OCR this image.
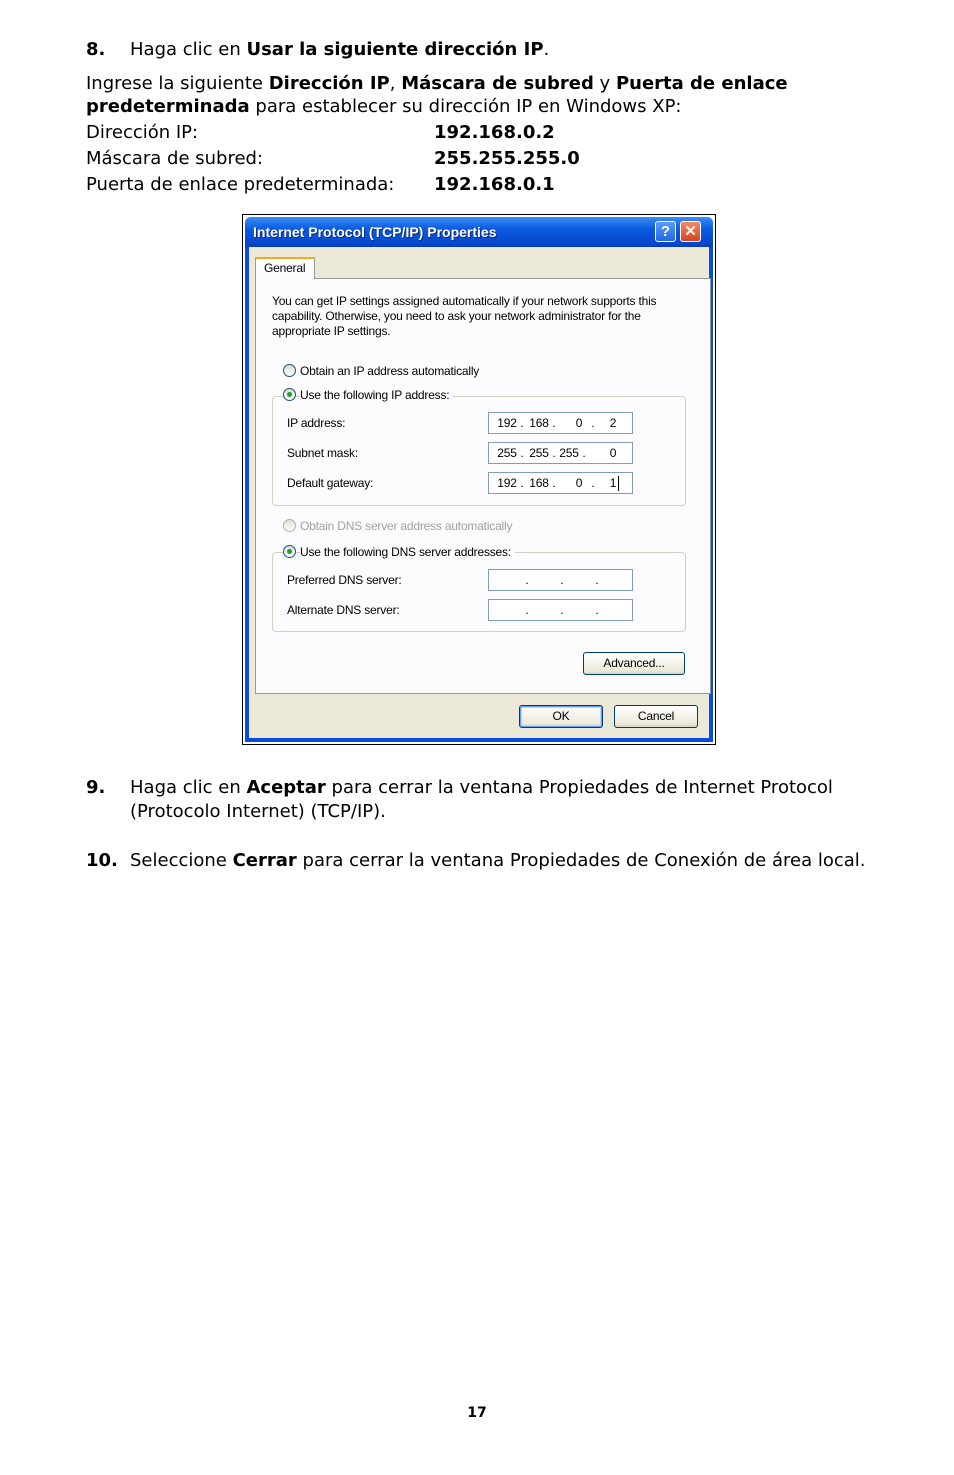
8. Haga clic en Usar la siguiente dirección IP.
Ingrese la siguiente Dirección IP, Máscara de subred y Puerta de enlace predeterminada para establecer su dirección IP en Windows XP:
Dirección IP:	192.168.0.2
Máscara de subred:	255.255.255.0
Puerta de enlace predeterminada: 192.168.0.1
Internet Protocol (TCP/IP) Properties	? ✕
General
You can get IP settings assigned automatically if your network supports this capability. Otherwise, you need to ask your network administrator for the appropriate IP settings.
Obtain an IP address automatically
Use the following IP address:
IP address:	192 . 168 .	0 .	2
Subnet mask:	255 . 255 . 255 .	0
Default gateway:	192 . 168 .	0 .	1
Obtain DNS server address automatically
Use the following DNS server addresses:
Preferred DNS server:	.	.	.
Alternate DNS server:	.	.	.
Advanced...
OK	Cancel
9. Haga clic en Aceptar para cerrar la ventana Propiedades de Internet Protocol (Protocolo Internet) (TCP/IP).
10. Seleccione Cerrar para cerrar la ventana Propiedades de Conexión de área local.
17
